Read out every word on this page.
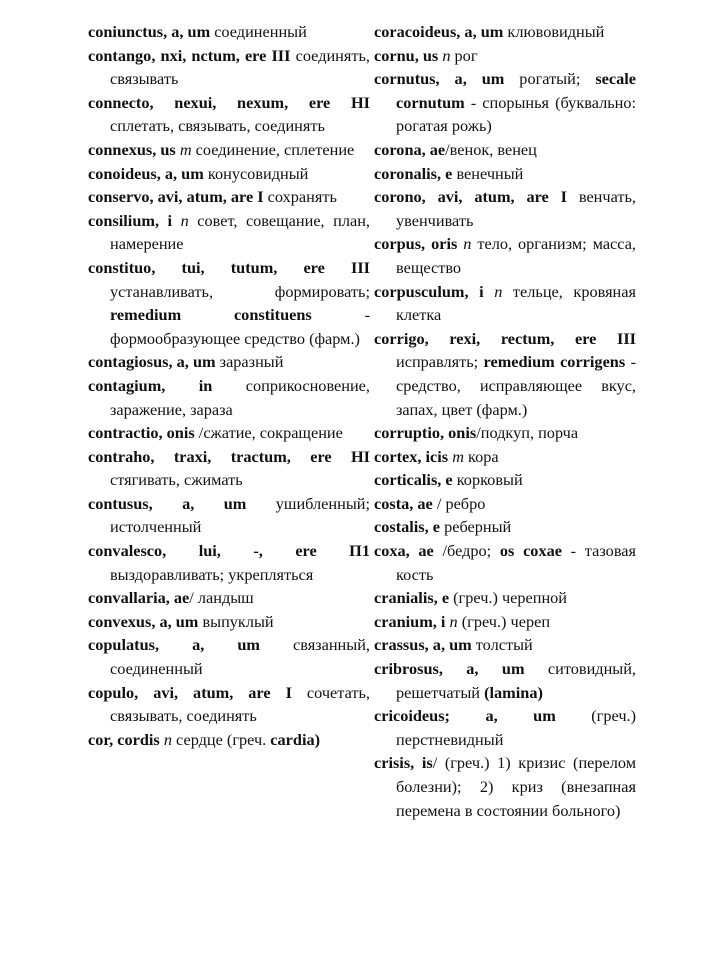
coniunctus, a, um соединенный

contango, nxi, nctum, ere III соединять, связывать

connecto, nexui, nexum, ere HI сплетать, связывать, соединять

connexus, us m соединение, сплетение

conoideus, a, um конусовидный

conservo, avi, atum, are I сохранять

consilium, i n совет, совещание, план, намерение

constituo, tui, tutum, ere III устанавливать, формировать; remedium constituens - формообразующее средство (фарм.)

contagiosus, a, um заразный

contagium, in соприкосновение, заражение, зараза

contractio, onis /сжатие, сокращение

contraho, traxi, tractum, ere HI стягивать, сжимать

contusus, a, um ушибленный; истолченный

convalesco, lui, -, ere П1 выздоравливать; укрепляться

convallaria, ae/ ландыш

convexus, a, um выпуклый

copulatus, a, um связанный, соединенный

copulo, avi, atum, are I сочетать, связывать, соединять

cor, cordis n сердце (греч. cardia)

coracoideus, a, um клювовидный

cornu, us n рог

cornutus, a, um рогатый; secale cornutum - спорынья (буквально: рогатая рожь)

corona, ae/венок, венец

coronalis, e венечный

corono, avi, atum, are I венчать, увенчивать

corpus, oris n тело, организм; масса, вещество

corpusculum, i n тельце, кровяная клетка

corrigo, rexi, rectum, ere III исправлять; remedium corrigens - средство, исправляющее вкус, запах, цвет (фарм.)

corruptio, onis/подкуп, порча

cortex, icis m кора

corticalis, e корковый

costa, ae / ребро

costalis, e реберный

coxa, ae /бедро; os coxae - тазовая кость

cranialis, e (греч.) черепной

cranium, i n (греч.) череп

crassus, a, um толстый

cribrosus, a, um ситовидный, решетчатый (lamina)

cricoideus; a, um (греч.) перстневидный

crisis, is/ (греч.) 1) кризис (перелом болезни); 2) криз (внезапная перемена в состоянии больного)
